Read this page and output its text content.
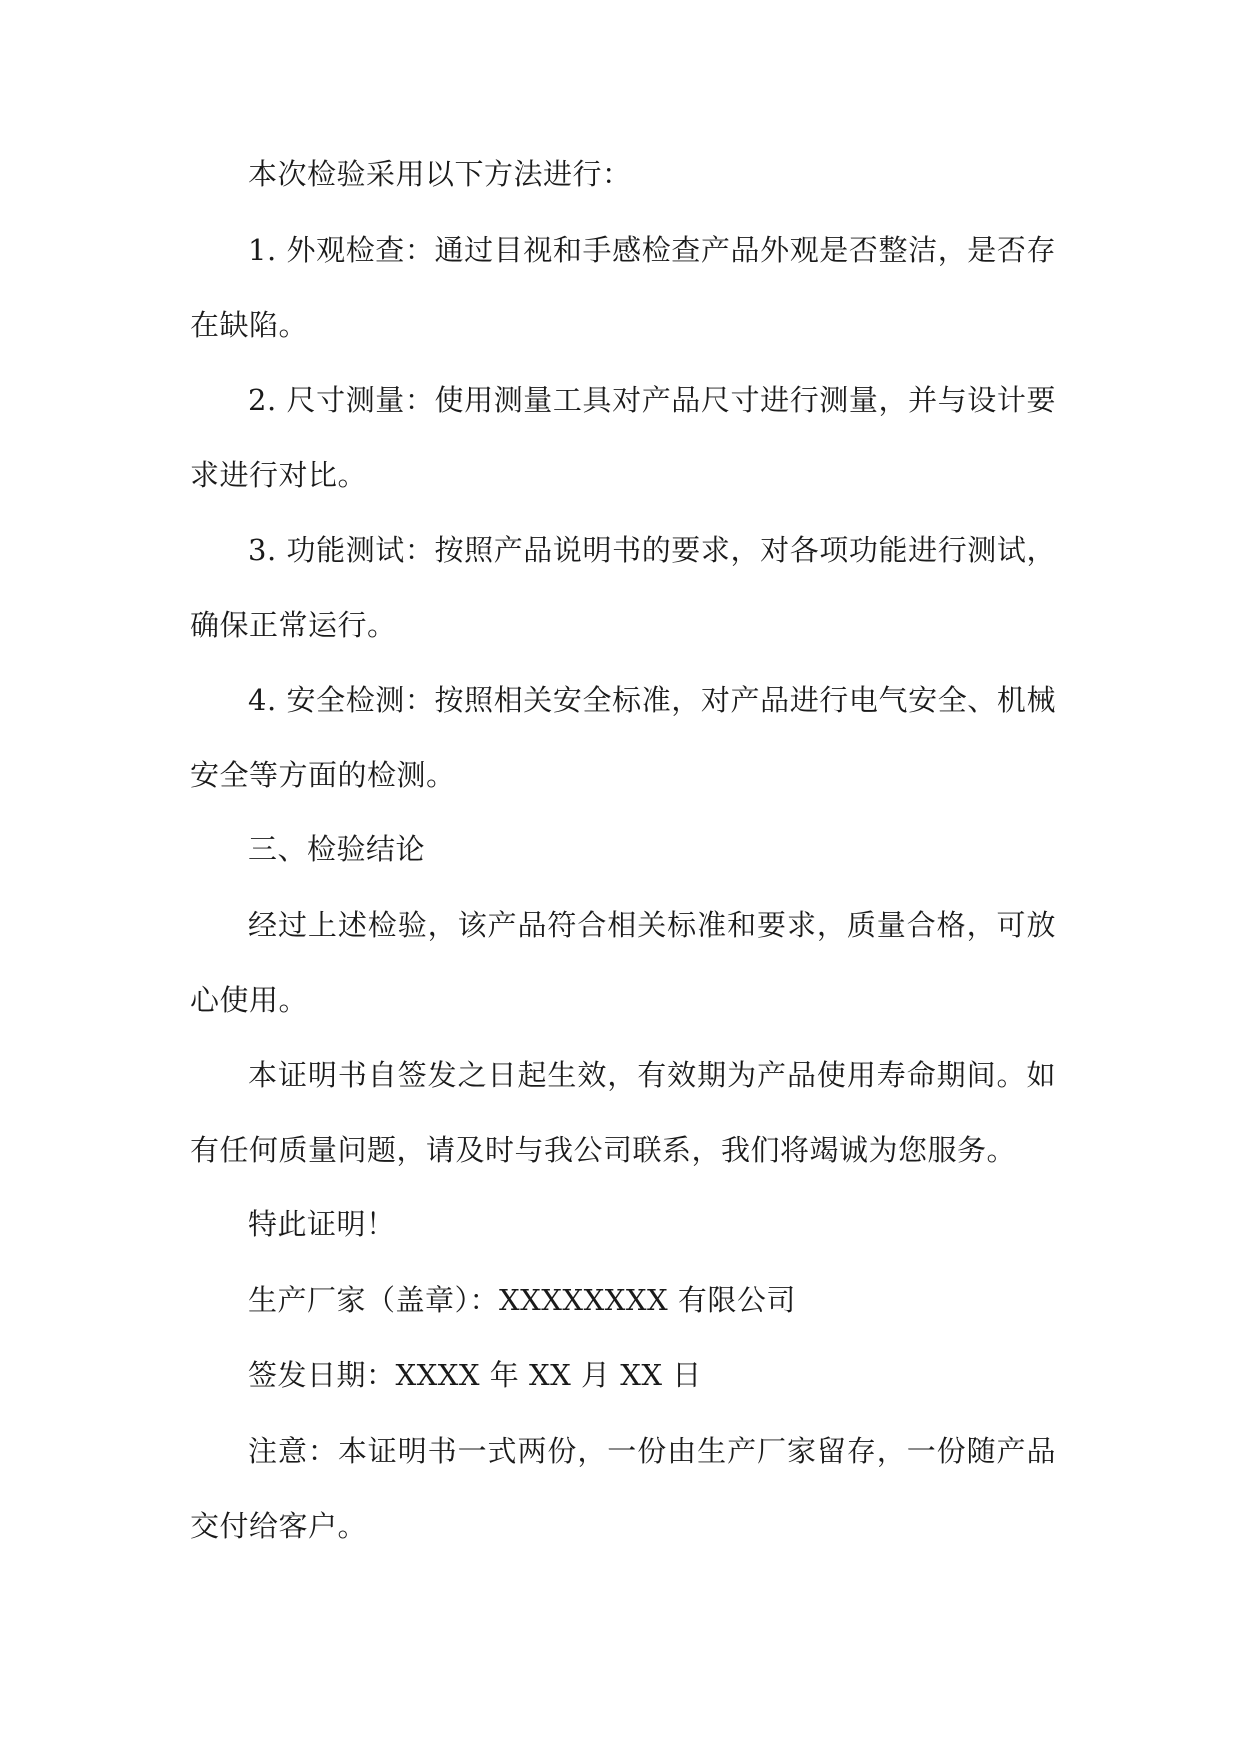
本次检验采用以下方法进行：

1. 外观检查：通过目视和手感检查产品外观是否整洁，是否存在缺陷。

2. 尺寸测量：使用测量工具对产品尺寸进行测量，并与设计要求进行对比。

3. 功能测试：按照产品说明书的要求，对各项功能进行测试，确保正常运行。

4. 安全检测：按照相关安全标准，对产品进行电气安全、机械安全等方面的检测。

三、检验结论

经过上述检验，该产品符合相关标准和要求，质量合格，可放心使用。

本证明书自签发之日起生效，有效期为产品使用寿命期间。如有任何质量问题，请及时与我公司联系，我们将竭诚为您服务。

特此证明！

生产厂家（盖章）：XXXXXXXX 有限公司

签发日期：XXXX 年 XX 月 XX 日

注意：本证明书一式两份，一份由生产厂家留存，一份随产品交付给客户。
